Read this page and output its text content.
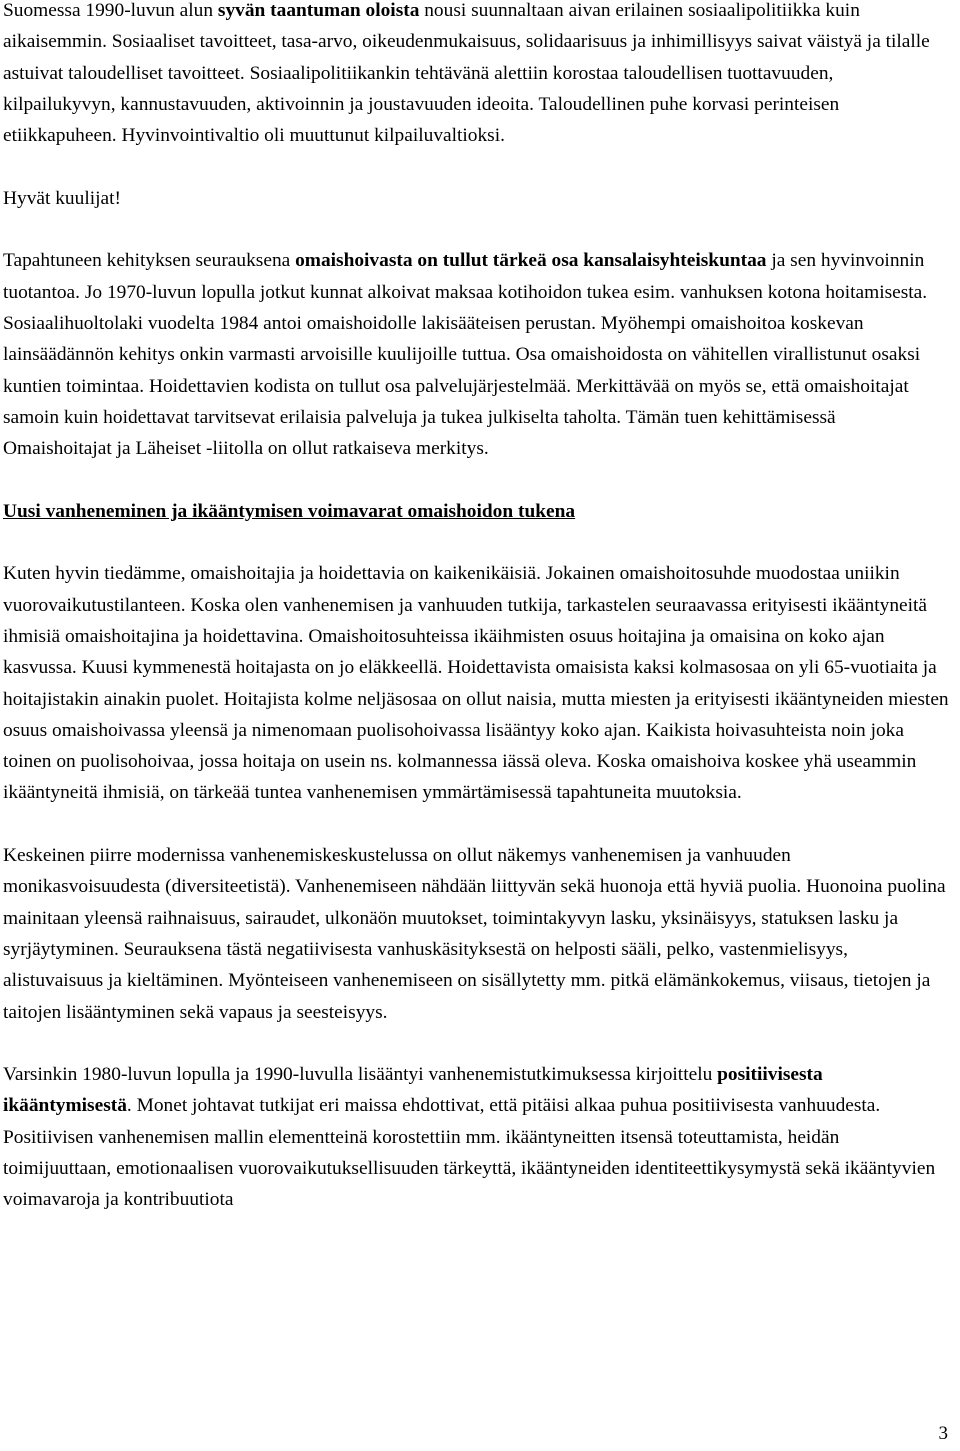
Suomessa 1990-luvun alun syvän taantuman oloista nousi suunnaltaan aivan erilainen sosiaalipolitiikka kuin aikaisemmin. Sosiaaliset tavoitteet, tasa-arvo, oikeudenmukaisuus, solidaarisuus ja inhimillisyys saivat väistyä ja tilalle astuivat taloudelliset tavoitteet. Sosiaalipolitiikankin tehtävänä alettiin korostaa taloudellisen tuottavuuden, kilpailukyvyn, kannustavuuden, aktivoinnin ja joustavuuden ideoita. Taloudellinen puhe korvasi perinteisen etiikkapuheen. Hyvinvointivaltio oli muuttunut kilpailuvaltioksi.

Hyvät kuulijat!

Tapahtuneen kehityksen seurauksena omaishoivasta on tullut tärkeä osa kansalaisyhteiskuntaa ja sen hyvinvoinnin tuotantoa. Jo 1970-luvun lopulla jotkut kunnat alkoivat maksaa kotihoidon tukea esim. vanhuksen kotona hoitamisesta. Sosiaalihuoltolaki vuodelta 1984 antoi omaishoidolle lakisääteisen perustan. Myöhempi omaishoitoa koskevan lainsäädännön kehitys onkin varmasti arvoisille kuulijoille tuttua. Osa omaishoidosta on vähitellen virallistunut osaksi kuntien toimintaa. Hoidettavien kodista on tullut osa palvelujärjestelmää. Merkittävää on myös se, että omaishoitajat samoin kuin hoidettavat tarvitsevat erilaisia palveluja ja tukea julkiselta taholta. Tämän tuen kehittämisessä Omaishoitajat ja Läheiset -liitolla on ollut ratkaiseva merkitys.

Uusi vanheneminen ja ikääntymisen voimavarat omaishoidon tukena

Kuten hyvin tiedämme, omaishoitajia ja hoidettavia on kaikenikäisiä. Jokainen omaishoitosuhde muodostaa uniikin vuorovaikutustilanteen. Koska olen vanhenemisen ja vanhuuden tutkija, tarkastelen seuraavassa erityisesti ikääntyneitä ihmisiä omaishoitajina ja hoidettavina. Omaishoitosuhteissa ikäihmisten osuus hoitajina ja omaisina on koko ajan kasvussa. Kuusi kymmenestä hoitajasta on jo eläkkeellä. Hoidettavista omaisista kaksi kolmasosaa on yli 65-vuotiaita ja hoitajistakin ainakin puolet. Hoitajista kolme neljäsosaa on ollut naisia, mutta miesten ja erityisesti ikääntyneiden miesten osuus omaishoivassa yleensä ja nimenomaan puolisohoivassa lisääntyy koko ajan. Kaikista hoivasuhteista noin joka toinen on puolisohoivaa, jossa hoitaja on usein ns. kolmannessa iässä oleva. Koska omaishoiva koskee yhä useammin ikääntyneitä ihmisiä, on tärkeää tuntea vanhenemisen ymmärtämisessä tapahtuneita muutoksia.

Keskeinen piirre modernissa vanhenemiskeskustelussa on ollut näkemys vanhenemisen ja vanhuuden monikasvoisuudesta (diversiteetistä). Vanhenemiseen nähdään liittyvän sekä huonoja että hyviä puolia. Huonoina puolina mainitaan yleensä raihnaisuus, sairaudet, ulkonäön muutokset, toimintakyvyn lasku, yksinäisyys, statuksen lasku ja syrjäytyminen. Seurauksena tästä negatiivisesta vanhuskäsityksestä on helposti sääli, pelko, vastenmielisyys, alistuvaisuus ja kieltäminen. Myönteiseen vanhenemiseen on sisällytetty mm. pitkä elämänkokemus, viisaus, tietojen ja taitojen lisääntyminen sekä vapaus ja seesteisyys.

Varsinkin 1980-luvun lopulla ja 1990-luvulla lisääntyi vanhenemistutkimuksessa kirjoittelu positiivisesta ikääntymisestä. Monet johtavat tutkijat eri maissa ehdottivat, että pitäisi alkaa puhua positiivisesta vanhuudesta. Positiivisen vanhenemisen mallin elementteinä korostettiin mm. ikääntyneitten itsensä toteuttamista, heidän toimijuuttaan, emotionaalisen vuorovaikutuksellisuuden tärkeyttä, ikääntyneiden identiteettikysymystä sekä ikääntyvien voimavaroja ja kontribuutiota

3
